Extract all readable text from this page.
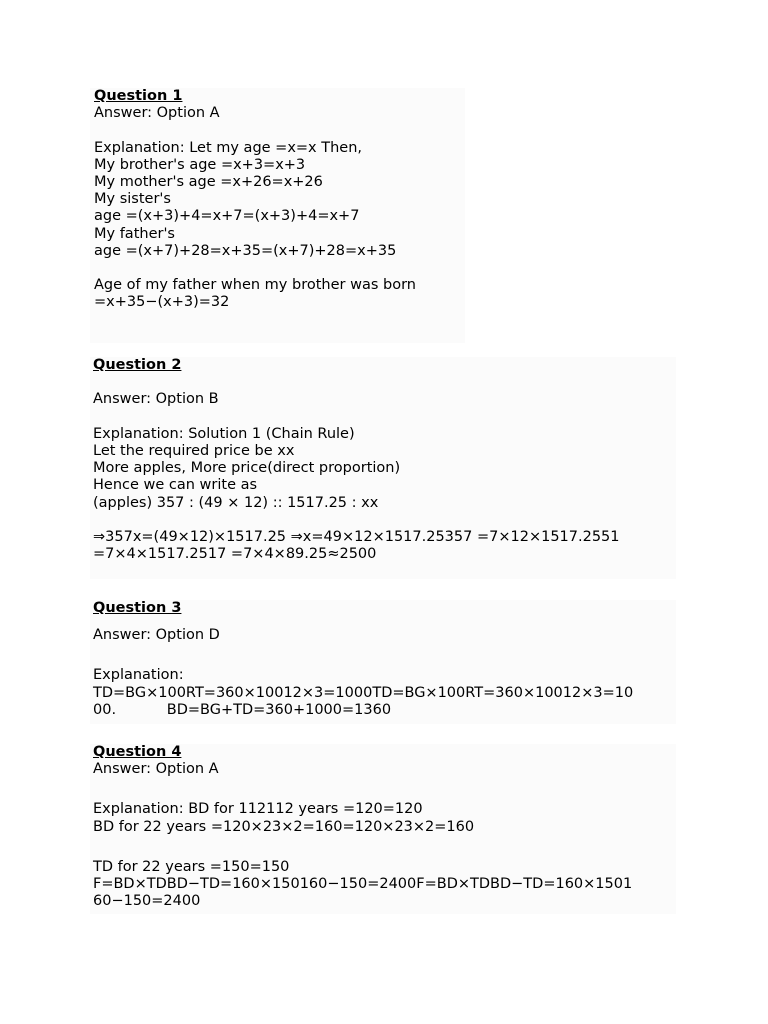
Question 1
Answer: Option A
Explanation: Let my age =x=x Then,
My brother's age =x+3=x+3
My mother's age =x+26=x+26
My sister's
age =(x+3)+4=x+7=(x+3)+4=x+7
My father's
age =(x+7)+28=x+35=(x+7)+28=x+35
Age of my father when my brother was born
=x+35−(x+3)=32
Question 2
Answer: Option B
Explanation: Solution 1 (Chain Rule)
Let the required price be xx
More apples, More price(direct proportion)
Hence we can write as
(apples) 357 : (49 × 12) :: 1517.25 : xx
⇒357x=(49×12)×1517.25 ⇒x=49×12×1517.25357 =7×12×1517.2551
=7×4×1517.2517 =7×4×89.25≈2500
Question 3
Answer: Option D
Explanation:
TD=BG×100RT=360×10012×3=1000TD=BG×100RT=360×10012×3=10
00.           BD=BG+TD=360+1000=1360
Question 4
Answer: Option A
Explanation: BD for 112112 years =120=120
BD for 22 years =120×23×2=160=120×23×2=160
TD for 22 years =150=150
F=BD×TDBD−TD=160×150160−150=2400F=BD×TDBD−TD=160×1501
60−150=2400
